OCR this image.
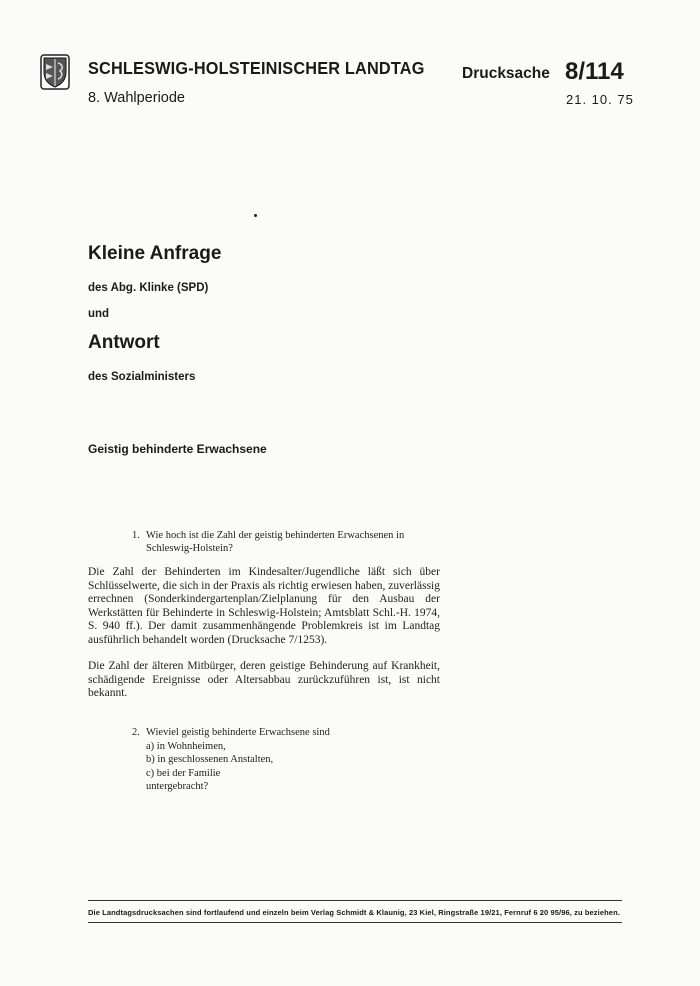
SCHLESWIG-HOLSTEINISCHER LANDTAG
8. Wahlperiode
Drucksache 8/114
21. 10. 75
Kleine Anfrage
des Abg. Klinke (SPD)
und
Antwort
des Sozialministers
Geistig behinderte Erwachsene
1. Wie hoch ist die Zahl der geistig behinderten Erwachsenen in Schleswig-Holstein?
Die Zahl der Behinderten im Kindesalter/Jugendliche läßt sich über Schlüsselwerte, die sich in der Praxis als richtig erwiesen haben, zuverlässig errechnen (Sonderkindergartenplan/Zielplanung für den Ausbau der Werkstätten für Behinderte in Schleswig-Holstein; Amtsblatt Schl.-H. 1974, S. 940 ff.). Der damit zusammenhängende Problemkreis ist im Landtag ausführlich behandelt worden (Drucksache 7/1253).
Die Zahl der älteren Mitbürger, deren geistige Behinderung auf Krankheit, schädigende Ereignisse oder Altersabbau zurückzuführen ist, ist nicht bekannt.
2. Wieviel geistig behinderte Erwachsene sind
a) in Wohnheimen,
b) in geschlossenen Anstalten,
c) bei der Familie
untergebracht?
Die Landtagsdrucksachen sind fortlaufend und einzeln beim Verlag Schmidt & Klaunig, 23 Kiel, Ringstraße 19/21, Fernruf 6 20 95/96, zu beziehen.
